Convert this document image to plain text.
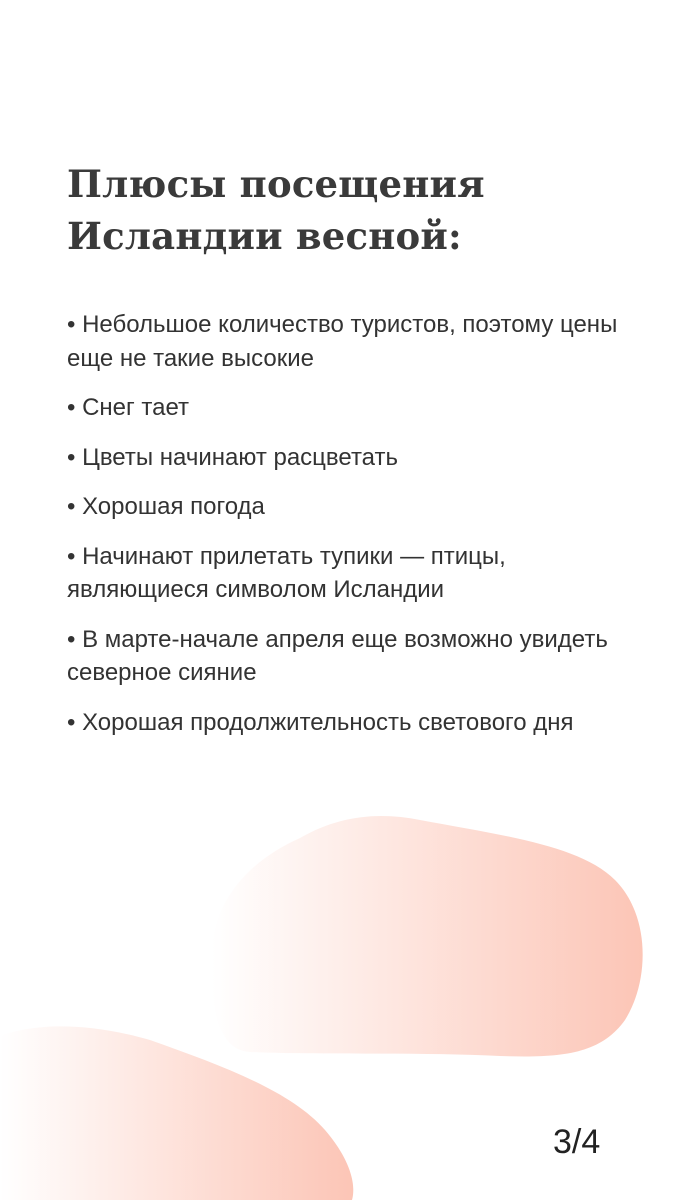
Плюсы посещения Исландии весной:
• Небольшое количество туристов, поэтому цены еще не такие высокие
• Снег тает
• Цветы начинают расцветать
• Хорошая погода
• Начинают прилетать тупики — птицы, являющиеся символом Исландии
• В марте-начале апреля еще возможно увидеть северное сияние
• Хорошая продолжительность светового дня
3/4
